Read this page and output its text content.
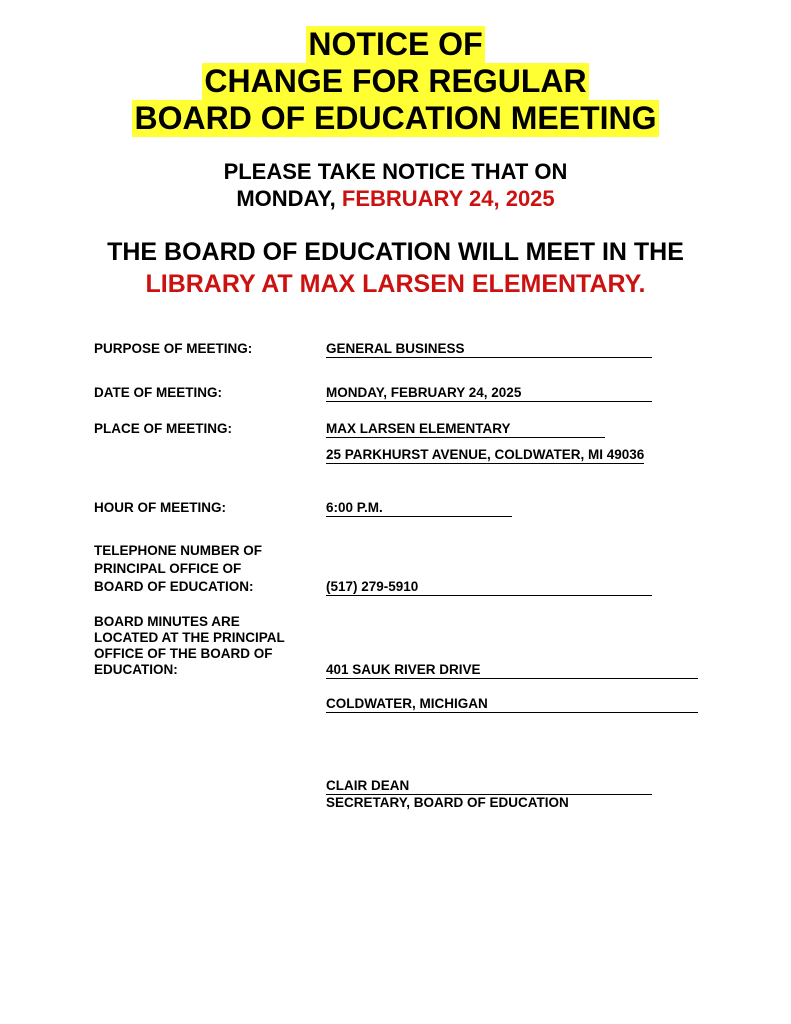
NOTICE OF
CHANGE FOR REGULAR
BOARD OF EDUCATION MEETING
PLEASE TAKE NOTICE THAT ON
MONDAY, FEBRUARY 24, 2025
THE BOARD OF EDUCATION WILL MEET IN THE
LIBRARY AT MAX LARSEN ELEMENTARY.
PURPOSE OF MEETING:	GENERAL BUSINESS
DATE OF MEETING:	MONDAY, FEBRUARY 24, 2025
PLACE OF MEETING:	MAX LARSEN ELEMENTARY
25 PARKHURST AVENUE, COLDWATER, MI 49036
HOUR OF MEETING:	6:00 P.M.
TELEPHONE NUMBER OF
PRINCIPAL OFFICE OF
BOARD OF EDUCATION:	(517) 279-5910
BOARD MINUTES ARE
LOCATED AT THE PRINCIPAL
OFFICE OF THE BOARD OF
EDUCATION:	401 SAUK RIVER DRIVE
COLDWATER, MICHIGAN
CLAIR DEAN
SECRETARY, BOARD OF EDUCATION
